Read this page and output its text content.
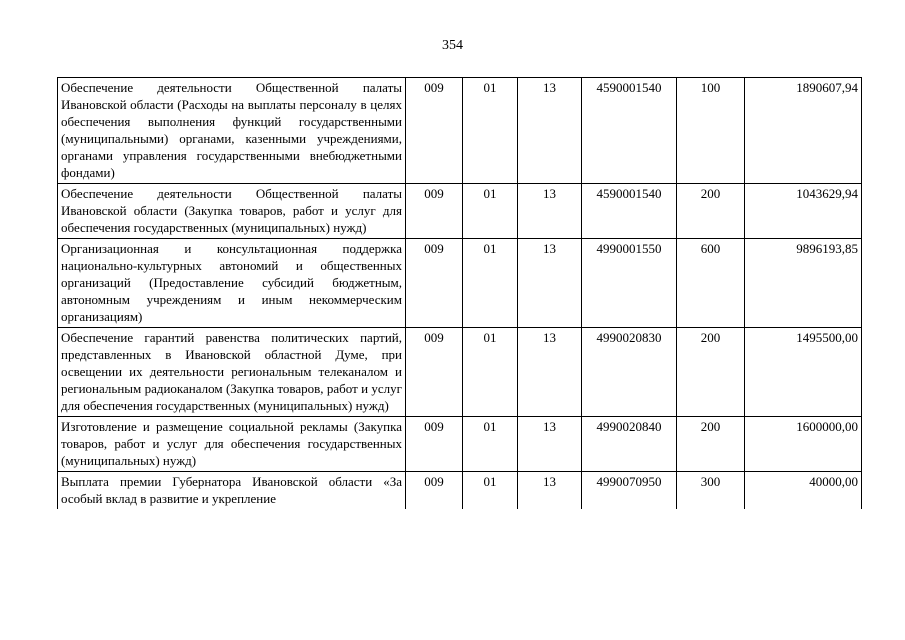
354
Обеспечение деятельности Общественной палаты Ивановской области (Расходы на выплаты персоналу в целях обеспечения выполнения функций государственными (муниципальными) органами, казенными учреждениями, органами управления государственными внебюджетными фондами)	009	01	13	4590001540	100	1890607,94
Обеспечение деятельности Общественной палаты Ивановской области (Закупка товаров, работ и услуг для обеспечения государственных (муниципальных) нужд)	009	01	13	4590001540	200	1043629,94
Организационная и консультационная поддержка национально-культурных автономий и общественных организаций (Предоставление субсидий бюджетным, автономным учреждениям и иным некоммерческим организациям)	009	01	13	4990001550	600	9896193,85
Обеспечение гарантий равенства политических партий, представленных в Ивановской областной Думе, при освещении их деятельности региональным телеканалом и региональным радиоканалом (Закупка товаров, работ и услуг для обеспечения государственных (муниципальных) нужд)	009	01	13	4990020830	200	1495500,00
Изготовление и размещение социальной рекламы (Закупка товаров, работ и услуг для обеспечения государственных (муниципальных) нужд)	009	01	13	4990020840	200	1600000,00

Выплата премии Губернатора Ивановской области «За особый вклад в развитие и укрепление	009	01	13	4990070950	300	40000,00
